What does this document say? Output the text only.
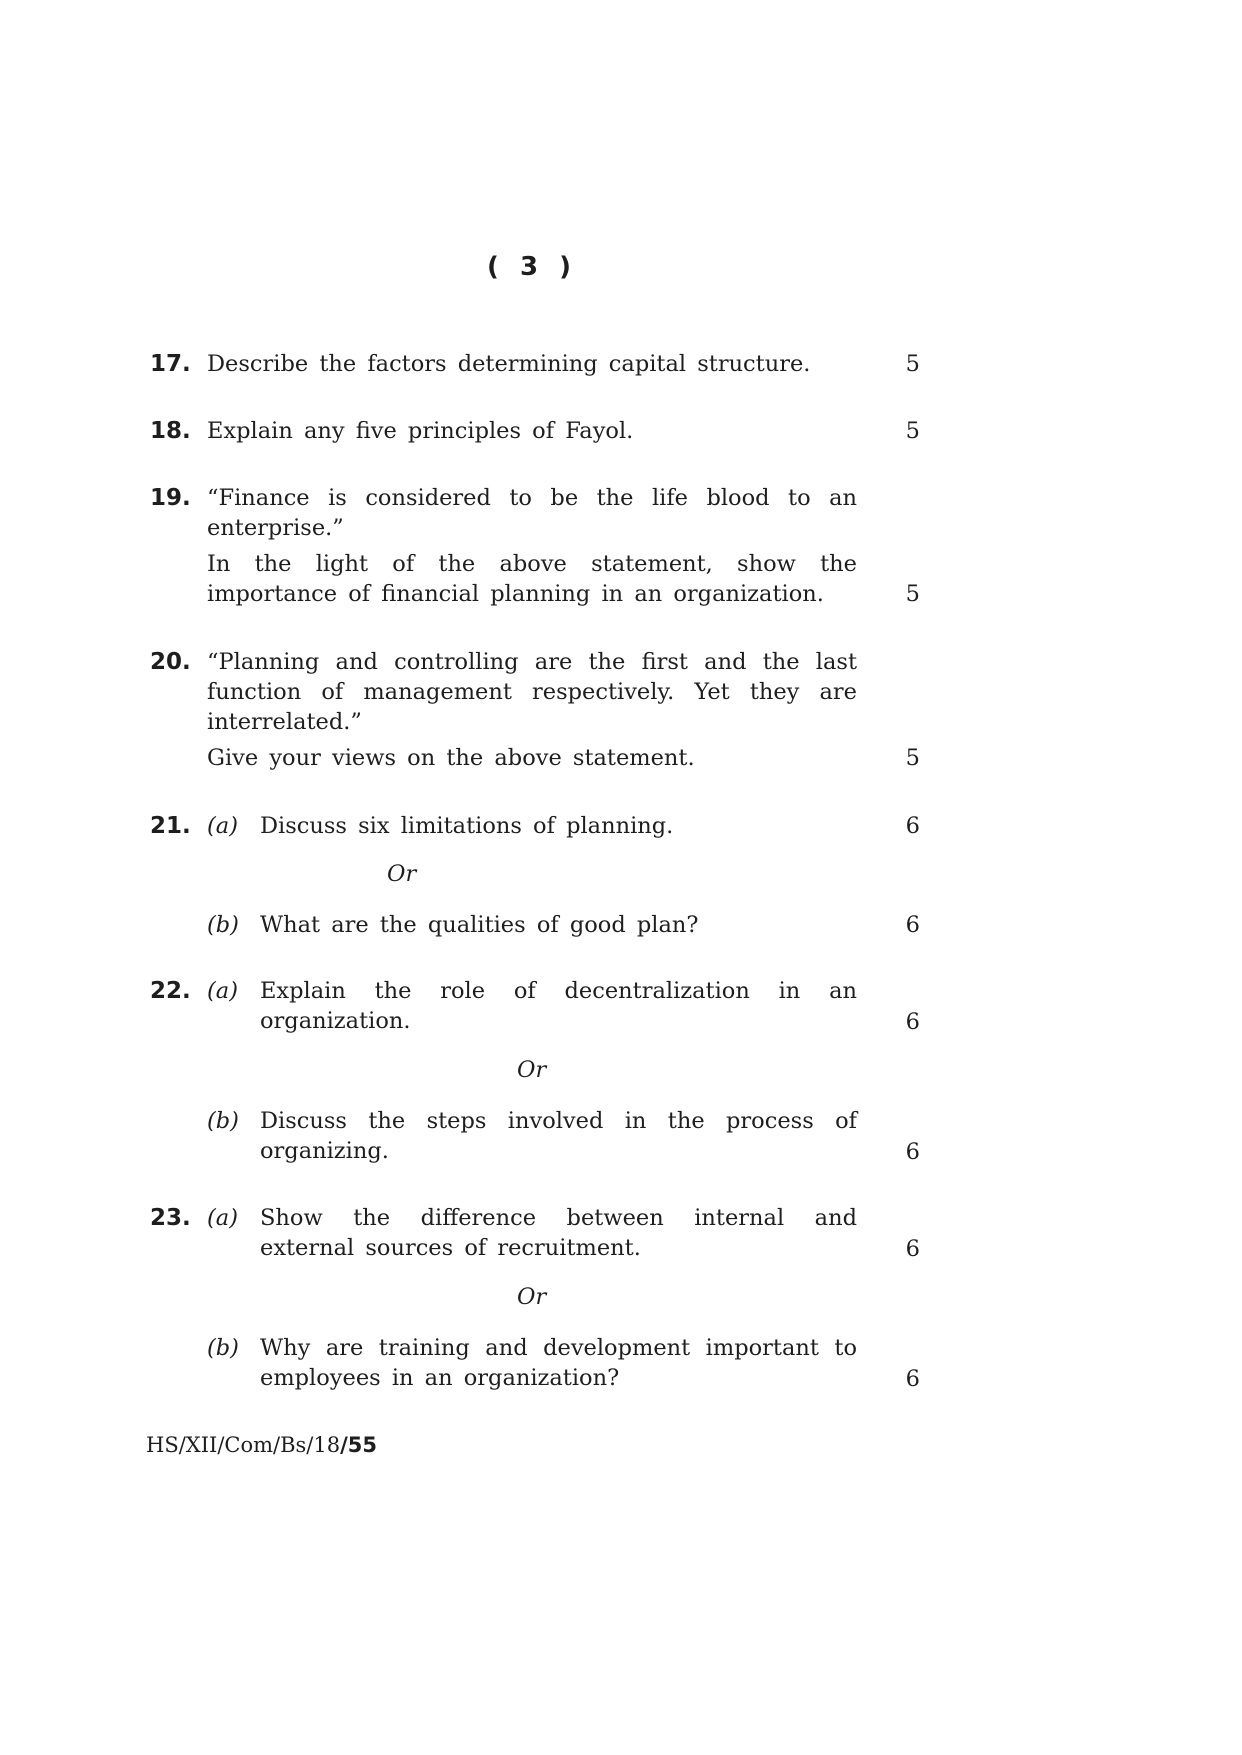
( 3 )
17. Describe the factors determining capital structure.	5
18. Explain any five principles of Fayol.	5
19. “Finance is considered to be the life blood to an enterprise.”
In the light of the above statement, show the importance of financial planning in an organization.	5
20. “Planning and controlling are the first and the last function of management respectively. Yet they are interrelated.”
Give your views on the above statement.	5
21. (a) Discuss six limitations of planning.	6
Or
(b) What are the qualities of good plan?	6
22. (a) Explain the role of decentralization in an organization.	6
Or
(b) Discuss the steps involved in the process of organizing.	6
23. (a) Show the difference between internal and external sources of recruitment.	6
Or
(b) Why are training and development important to employees in an organization?	6
HS/XII/Com/Bs/18/55
